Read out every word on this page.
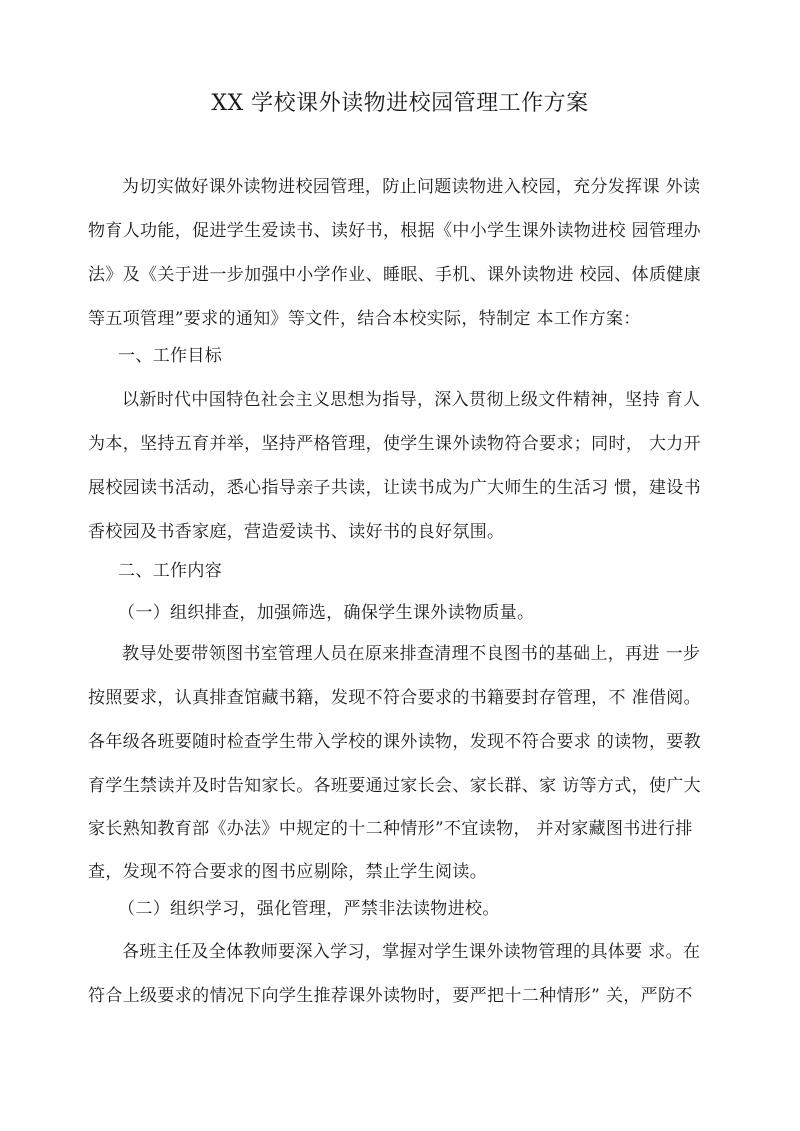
XX 学校课外读物进校园管理工作方案
为切实做好课外读物进校园管理，防止问题读物进入校园，充分发挥课 外读
物育人功能，促进学生爱读书、读好书，根据《中小学生课外读物进校 园管理办
法》及《关于进一步加强中小学作业、睡眠、手机、课外读物进 校园、体质健康
等五项管理”要求的通知》等文件，结合本校实际，特制定 本工作方案：
一、工作目标
以新时代中国特色社会主义思想为指导，深入贯彻上级文件精神，坚持 育人
为本，坚持五育并举，坚持严格管理，使学生课外读物符合要求；同时， 大力开
展校园读书活动，悉心指导亲子共读，让读书成为广大师生的生活习 惯，建设书
香校园及书香家庭，营造爱读书、读好书的良好氛围。
二、工作内容
（一）组织排查，加强筛选，确保学生课外读物质量。
教导处要带领图书室管理人员在原来排查清理不良图书的基础上，再进 一步
按照要求，认真排查馆藏书籍，发现不符合要求的书籍要封存管理，不 准借阅。
各年级各班要随时检查学生带入学校的课外读物，发现不符合要求 的读物，要教
育学生禁读并及时告知家长。各班要通过家长会、家长群、家 访等方式，使广大
家长熟知教育部《办法》中规定的十二种情形”不宜读物， 并对家藏图书进行排
查，发现不符合要求的图书应剔除，禁止学生阅读。
（二）组织学习，强化管理，严禁非法读物进校。
各班主任及全体教师要深入学习，掌握对学生课外读物管理的具体要 求。在
符合上级要求的情况下向学生推荐课外读物时，要严把十二种情形” 关，严防不
